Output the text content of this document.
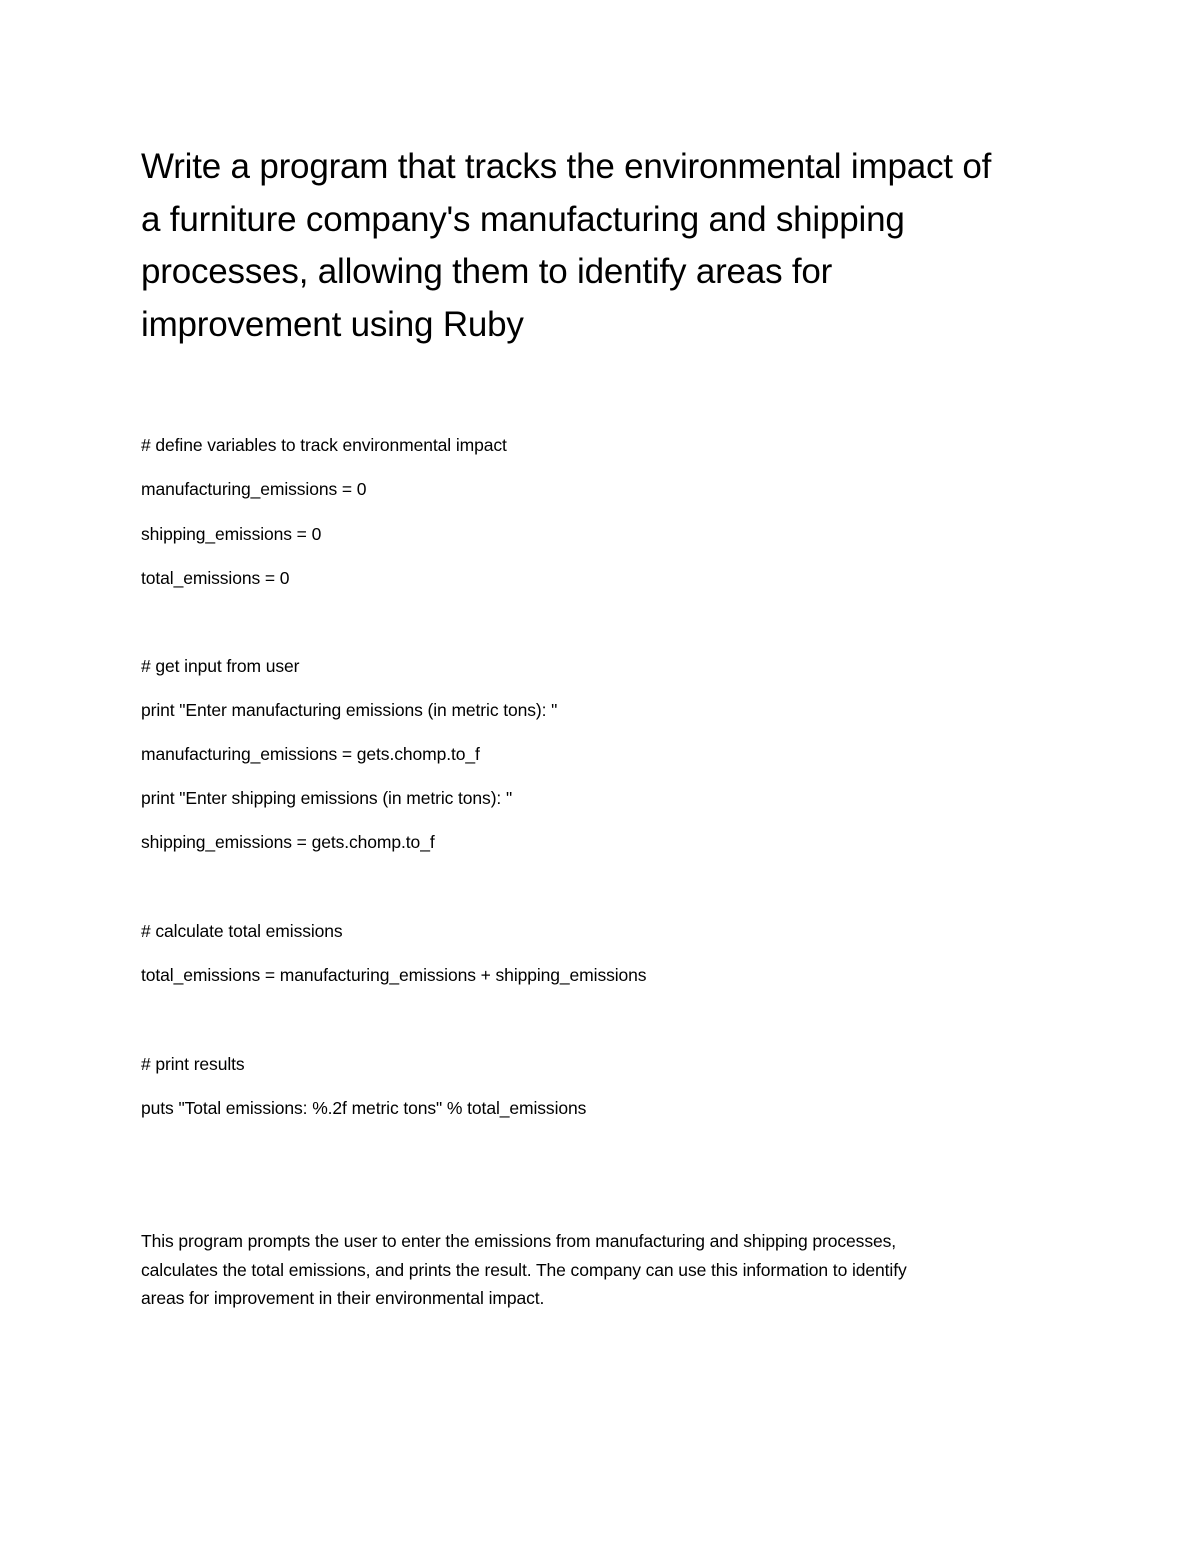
Write a program that tracks the environmental impact of
a furniture company's manufacturing and shipping
processes, allowing them to identify areas for
improvement using Ruby
# define variables to track environmental impact
manufacturing_emissions = 0
shipping_emissions = 0
total_emissions = 0
# get input from user
print "Enter manufacturing emissions (in metric tons): "
manufacturing_emissions = gets.chomp.to_f
print "Enter shipping emissions (in metric tons): "
shipping_emissions = gets.chomp.to_f
# calculate total emissions
total_emissions = manufacturing_emissions + shipping_emissions
# print results
puts "Total emissions: %.2f metric tons" % total_emissions
This program prompts the user to enter the emissions from manufacturing and shipping processes,
calculates the total emissions, and prints the result. The company can use this information to identify
areas for improvement in their environmental impact.
